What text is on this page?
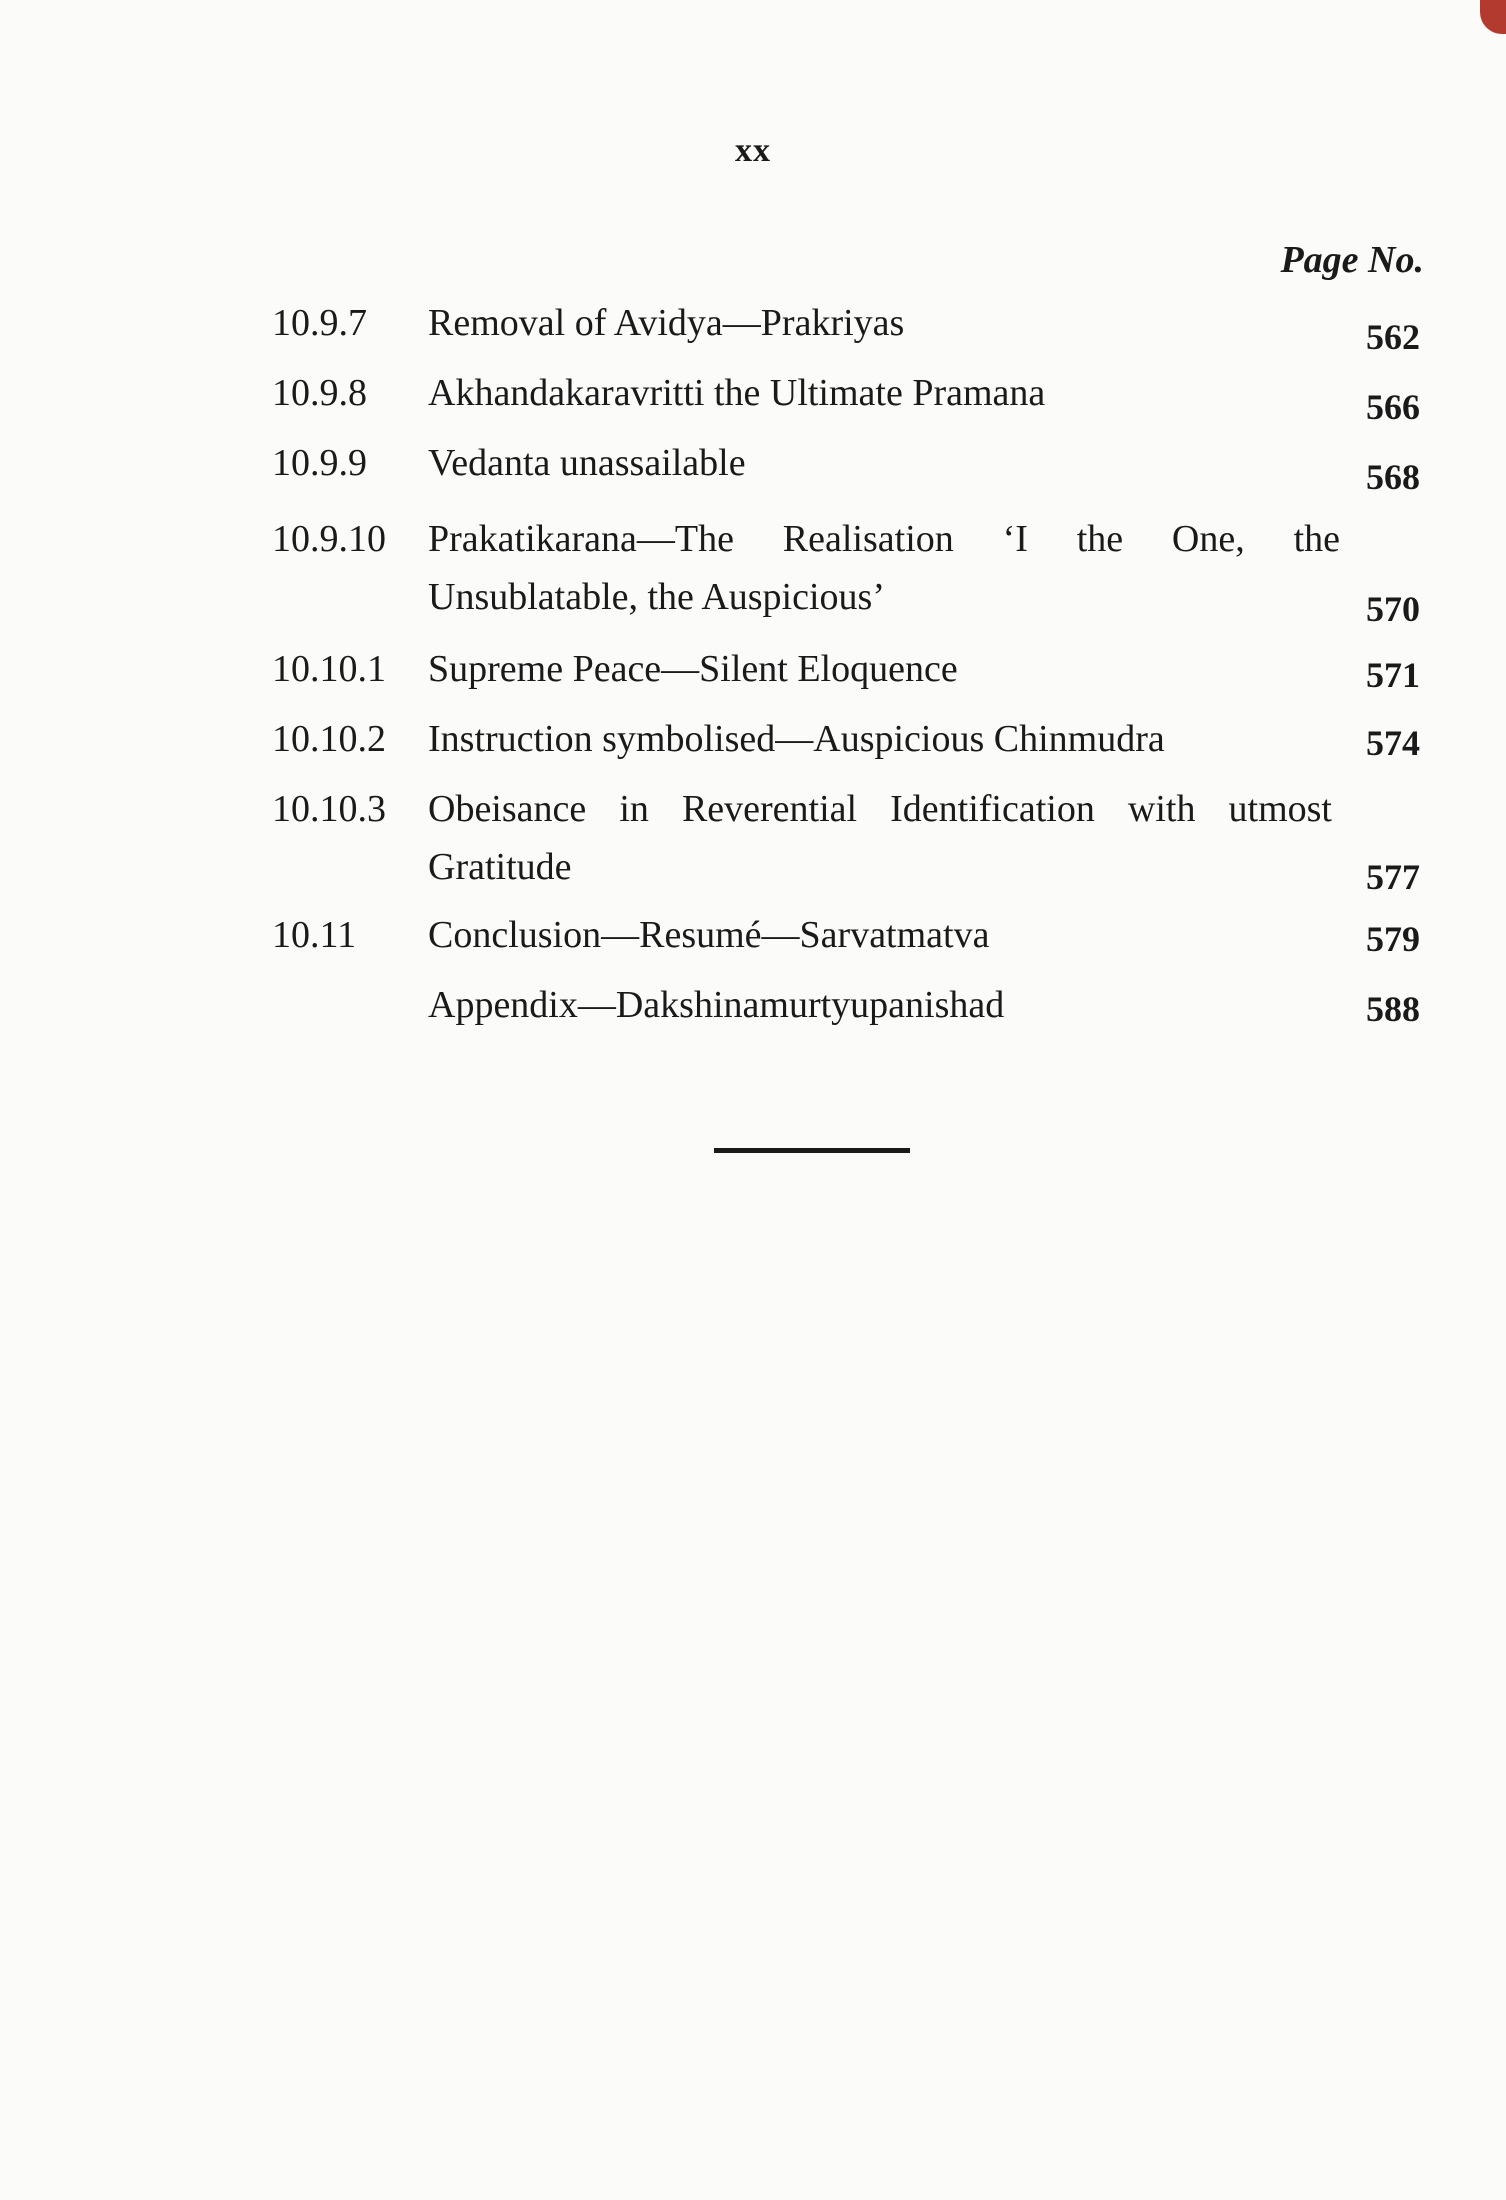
xx
Page No.
10.9.7 Removal of Avidya—Prakriyas	562
10.9.8 Akhandakaravritti the Ultimate Pramana	566
10.9.9 Vedanta unassailable	568
10.9.10 Prakatikarana—The Realisation ‘I the One, the Unsublatable, the Auspicious’	570
10.10.1 Supreme Peace—Silent Eloquence	571
10.10.2 Instruction symbolised—Auspicious Chinmudra	574
10.10.3 Obeisance in Reverential Identification with utmost Gratitude	577
10.11 Conclusion—Resumé—Sarvatmatva	579
Appendix—Dakshinamurtyupanishad	588
